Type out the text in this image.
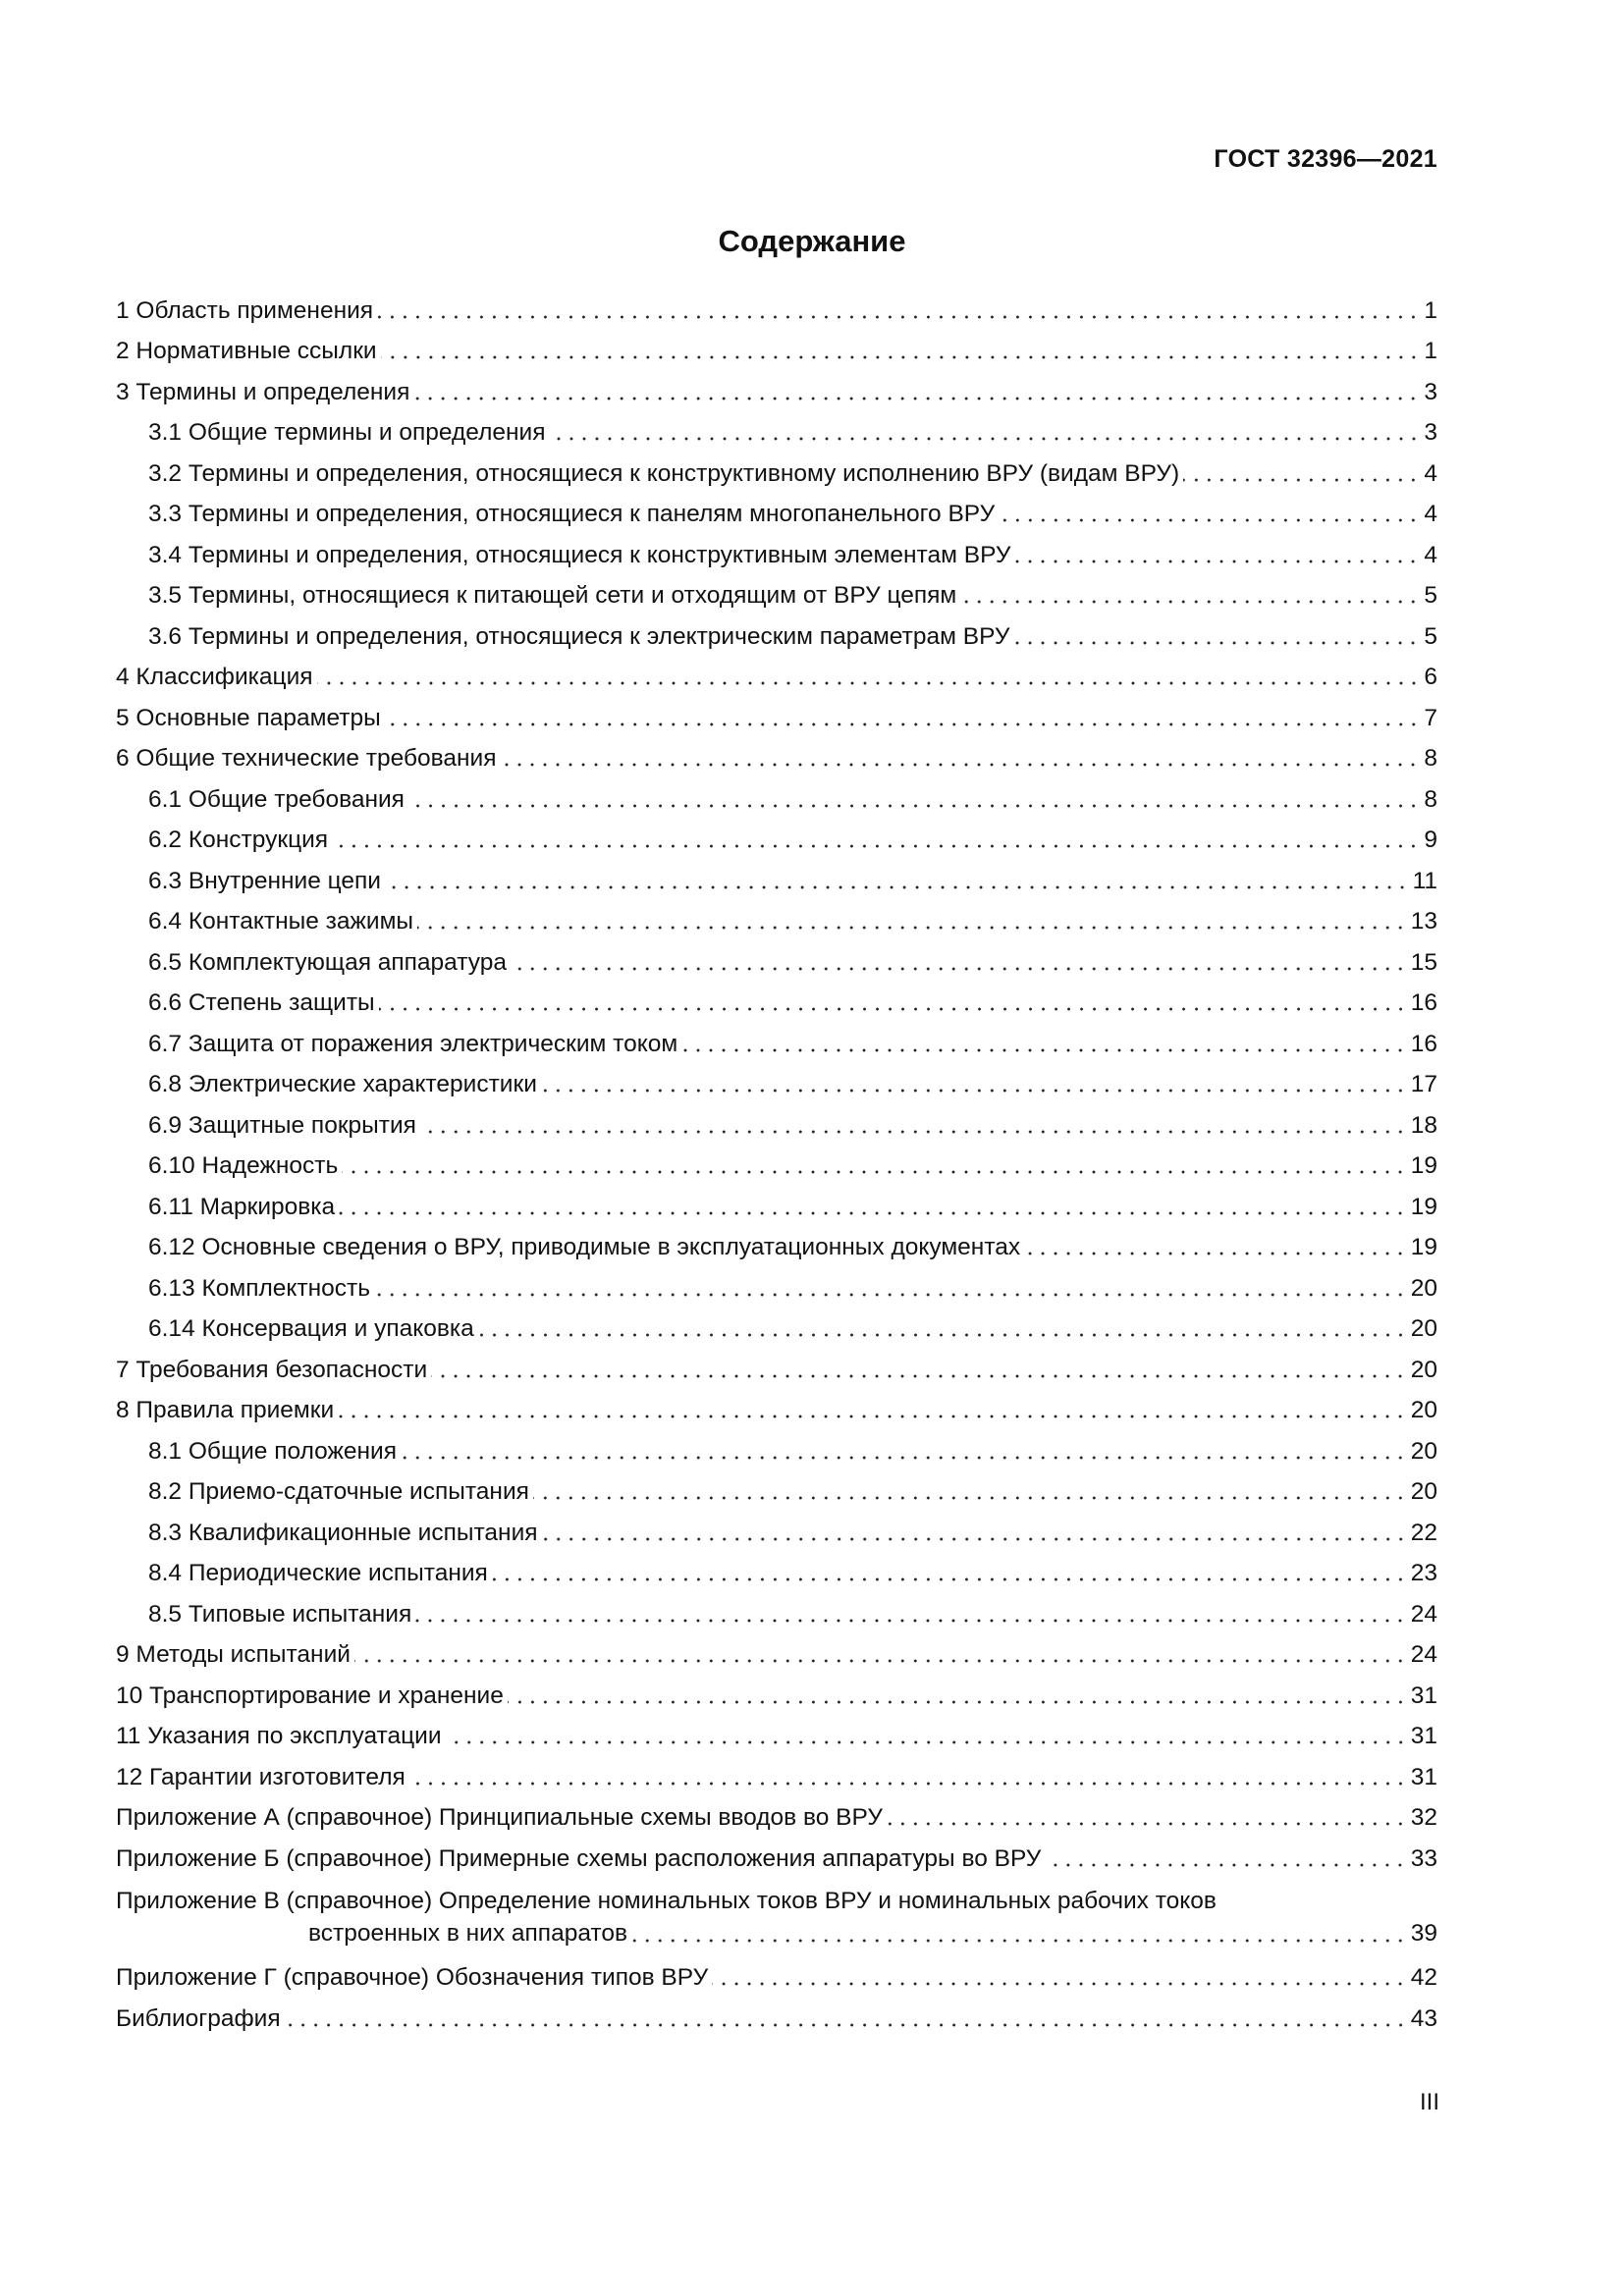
ГОСТ 32396—2021
Содержание
1 Область применения	1
2 Нормативные ссылки	1
3 Термины и определения	3
3.1 Общие термины и определения	3
3.2 Термины и определения, относящиеся к конструктивному исполнению ВРУ (видам ВРУ)	4
3.3 Термины и определения, относящиеся к панелям многопанельного ВРУ	4
3.4 Термины и определения, относящиеся к конструктивным элементам ВРУ	4
3.5 Термины, относящиеся к питающей сети и отходящим от ВРУ цепям	5
3.6 Термины и определения, относящиеся к электрическим параметрам ВРУ	5
4 Классификация	6
5 Основные параметры	7
6 Общие технические требования	8
6.1 Общие требования	8
6.2 Конструкция	9
6.3 Внутренние цепи	11
6.4 Контактные зажимы	13
6.5 Комплектующая аппаратура	15
6.6 Степень защиты	16
6.7 Защита от поражения электрическим током	16
6.8 Электрические характеристики	17
6.9 Защитные покрытия	18
6.10 Надежность	19
6.11 Маркировка	19
6.12 Основные сведения о ВРУ, приводимые в эксплуатационных документах	19
6.13 Комплектность	20
6.14 Консервация и упаковка	20
7 Требования безопасности	20
8 Правила приемки	20
8.1 Общие положения	20
8.2 Приемо-сдаточные испытания	20
8.3 Квалификационные испытания	22
8.4 Периодические испытания	23
8.5 Типовые испытания	24
9 Методы испытаний	24
10 Транспортирование и хранение	31
11 Указания по эксплуатации	31
12 Гарантии изготовителя	31
Приложение А (справочное) Принципиальные схемы вводов во ВРУ	32
Приложение Б (справочное) Примерные схемы расположения аппаратуры во ВРУ	33
Приложение В (справочное) Определение номинальных токов ВРУ и номинальных рабочих токов
встроенных в них аппаратов	39
Приложение Г (справочное) Обозначения типов ВРУ	42
Библиография	43
III
